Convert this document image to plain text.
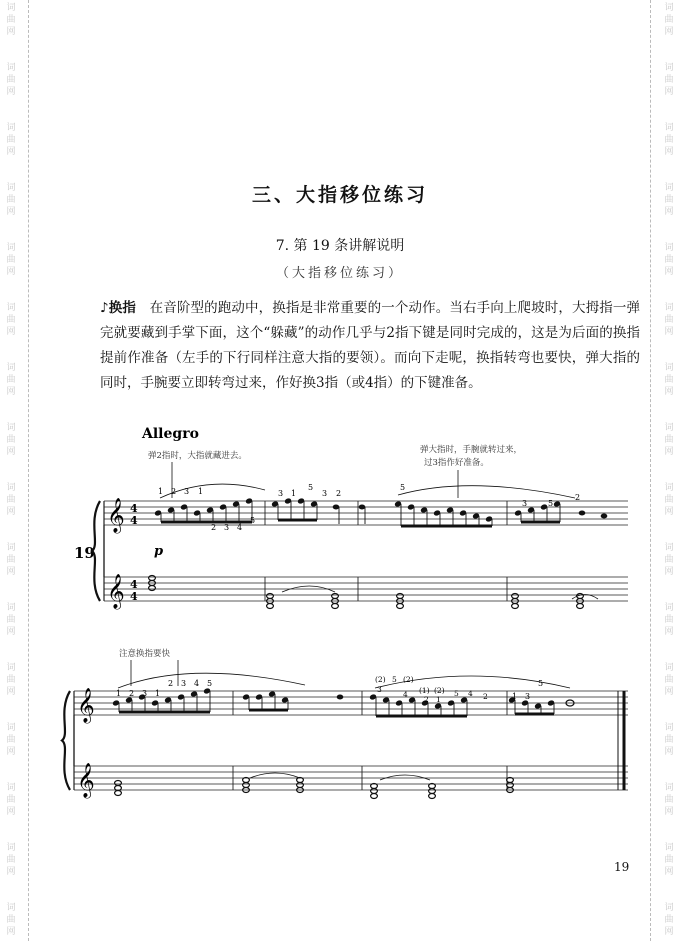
词
曲
网
词
曲
网
词
曲
网
词
曲
网
词
曲
网
词
曲
网
词
曲
网
词
曲
网
词
曲
网
词
曲
网
词
曲
网
词
曲
网
词
曲
网
词
曲
网
词
曲
网
词
曲
网
词
曲
网
词
曲
网
词
曲
网
词
曲
网
词
曲
网
词
曲
网
词
曲
网
词
曲
网
词
曲
网
词
曲
网
词
曲
网
词
曲
网
词
曲
网
词
曲
网
词
曲
网
词
曲
网
三、大指移位练习
7. 第 19 条讲解说明
（大指移位练习）
♪换指　在音阶型的跑动中，换指是非常重要的一个动作。当右手向上爬坡时，大拇指一弹完就要藏到手掌下面，这个“躲藏”的动作几乎与2指下键是同时完成的，这是为后面的换指提前作准备（左手的下行同样注意大指的要领）。而向下走呢，换指转弯也要快，弹大指的同时，手腕要立即转弯过来，作好换3指（或4指）的下键准备。
Allegro
弹2指时，大指就藏进去。
弹大指时，手腕就转过来，
过3指作好准备。
19	p
注意换指要快
𝄞
𝄞
4
4
4
4
1 2 3 1
2 3 4
5
3 1
5
3 2
5
3	5
2
𝄞
𝄞
1 2 3 1
2 3 4 5
1 3
5
(2)
3
5 (2)
4 (1) (2)
2 1
5 4 2
19
